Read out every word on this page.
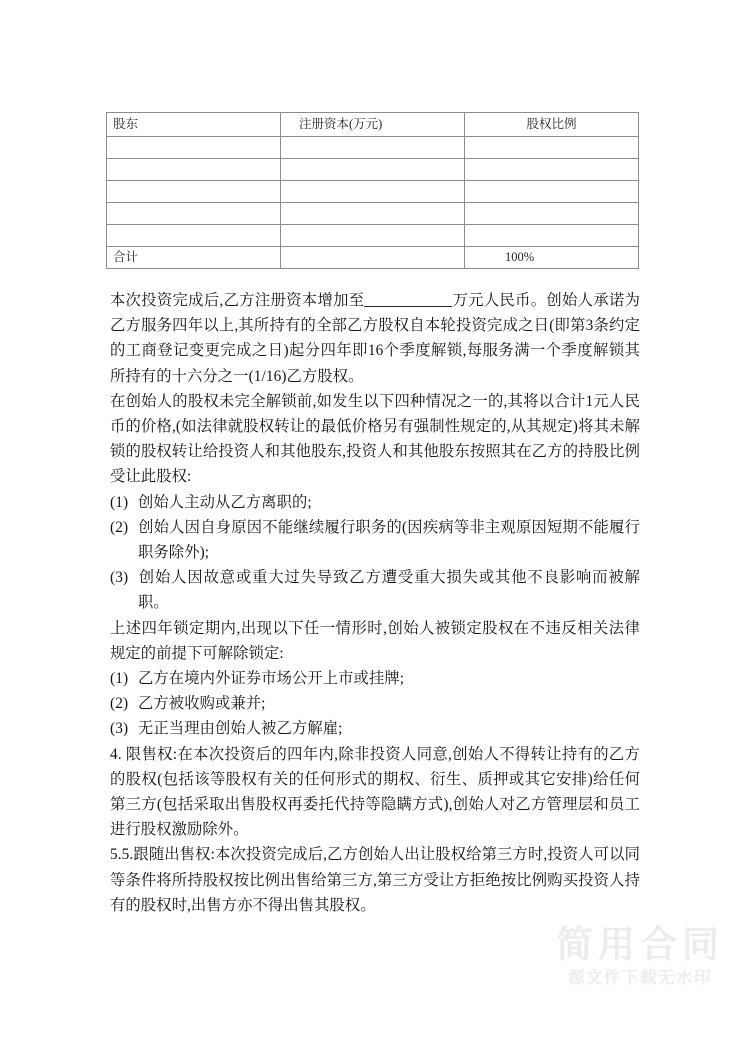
股东	注册资本(万元)	股权比例

合计		100%

本次投资完成后,乙方注册资本增加至	万元人民币。创始人承诺为乙方服务四年以上,其所持有的全部乙方股权自本轮投资完成之日(即第3条约定的工商登记变更完成之日)起分四年即16个季度解锁,每服务满一个季度解锁其所持有的十六分之一(1/16)乙方股权。

在创始人的股权未完全解锁前,如发生以下四种情况之一的,其将以合计1元人民币的价格,(如法律就股权转让的最低价格另有强制性规定的,从其规定)将其未解锁的股权转让给投资人和其他股东,投资人和其他股东按照其在乙方的持股比例受让此股权:

(1) 创始人主动从乙方离职的;

(2) 创始人因自身原因不能继续履行职务的(因疾病等非主观原因短期不能履行职务除外);

(3) 创始人因故意或重大过失导致乙方遭受重大损失或其他不良影响而被解职。

上述四年锁定期内,出现以下任一情形时,创始人被锁定股权在不违反相关法律规定的前提下可解除锁定:

(1) 乙方在境内外证券市场公开上市或挂牌;

(2) 乙方被收购或兼并;

(3) 无正当理由创始人被乙方解雇;

4. 限售权:在本次投资后的四年内,除非投资人同意,创始人不得转让持有的乙方的股权(包括该等股权有关的任何形式的期权、衍生、质押或其它安排)给任何第三方(包括采取出售股权再委托代持等隐瞒方式),创始人对乙方管理层和员工进行股权激励除外。

5.5.跟随出售权:本次投资完成后,乙方创始人出让股权给第三方时,投资人可以同等条件将所持股权按比例出售给第三方,第三方受让方拒绝按比例购买投资人持有的股权时,出售方亦不得出售其股权。

简用合同
源文件下载无水印
